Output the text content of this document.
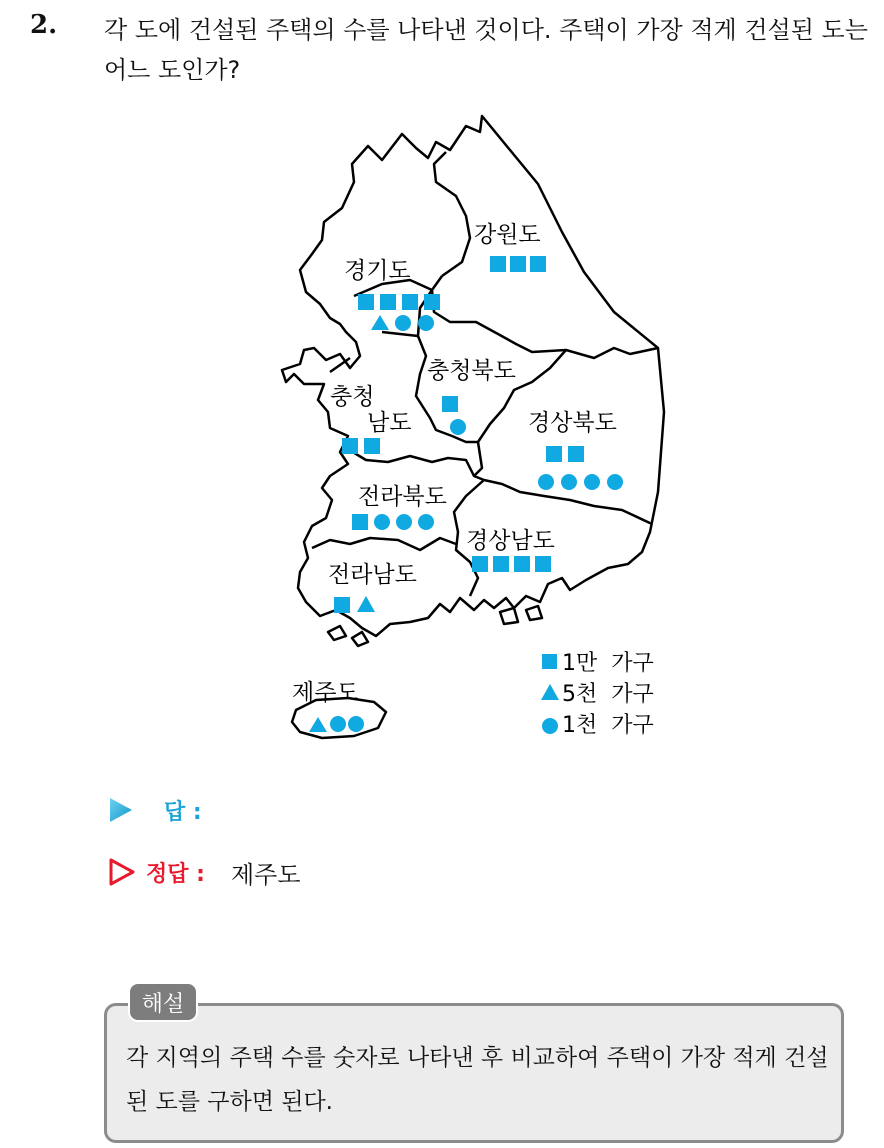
2. 각 도에 건설된 주택의 수를 나타낸 것이다. 주택이 가장 적게 건설된 도는 어느 도인가?
강원도
경기도
충청북도
충청
남도	경상북도
전라북도
경상남도
전라남도
제주도
1만  가구
5천  가구
1천  가구
답 :
정답 : 제주도
해설
각 지역의 주택 수를 숫자로 나타낸 후 비교하여 주택이 가장 적게 건설된 도를 구하면 된다.
